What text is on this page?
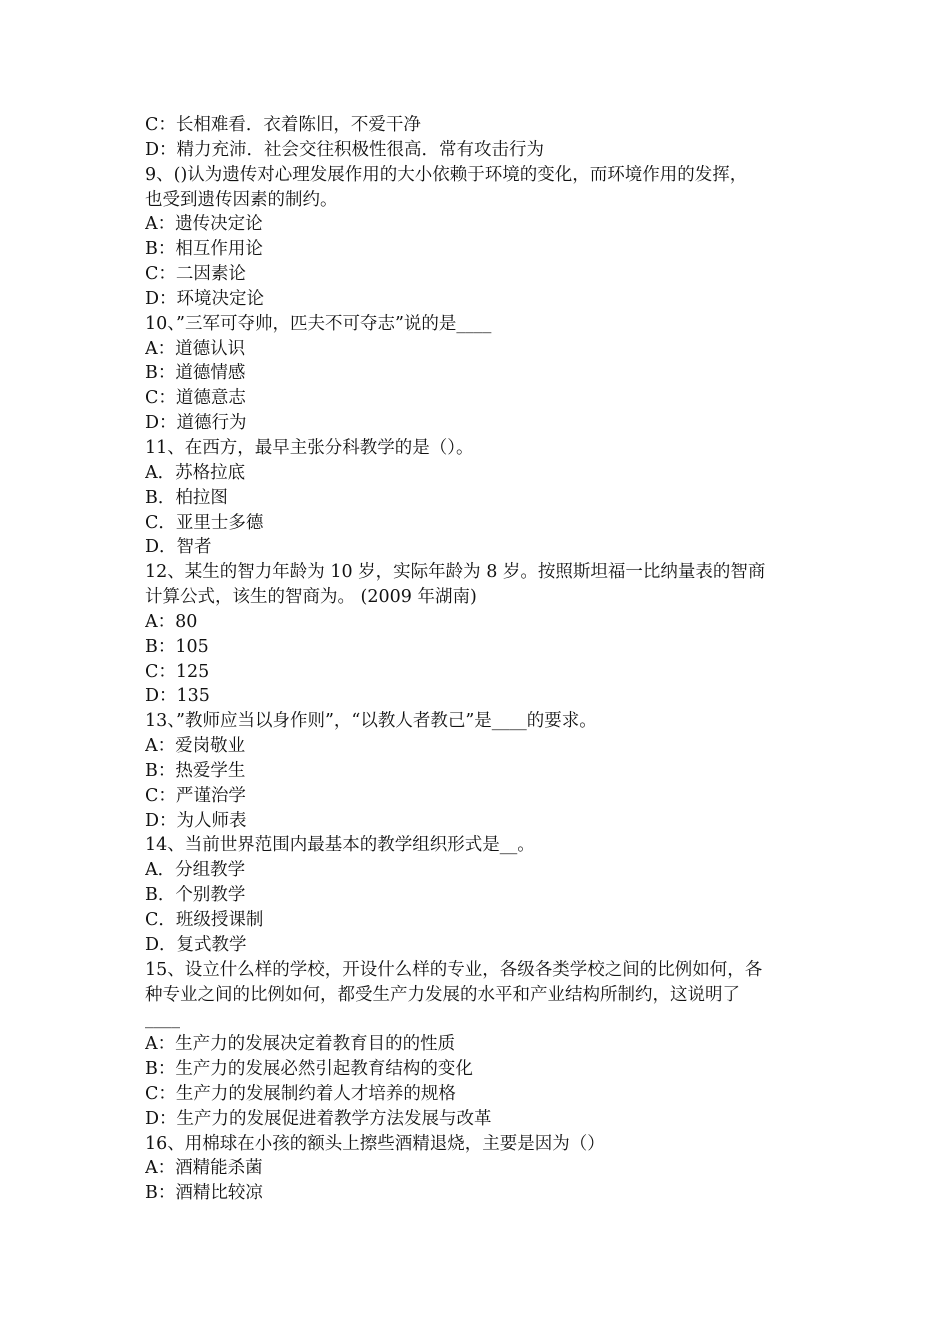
C：长相难看．衣着陈旧，不爱干净
D：精力充沛．社会交往积极性很高．常有攻击行为
9、()认为遗传对心理发展作用的大小依赖于环境的变化，而环境作用的发挥，
也受到遗传因素的制约。
A：遗传决定论
B：相互作用论
C：二因素论
D：环境决定论
10、”三军可夺帅，匹夫不可夺志”说的是____
A：道德认识
B：道德情感
C：道德意志
D：道德行为
11、在西方，最早主张分科教学的是（）。
A．苏格拉底
B．柏拉图
C．亚里士多德
D．智者
12、某生的智力年龄为 10 岁，实际年龄为 8 岁。按照斯坦福一比纳量表的智商
计算公式，该生的智商为。 (2009 年湖南)
A：80
B：105
C：125
D：135
13、”教师应当以身作则”，“以教人者教己”是____的要求。
A：爱岗敬业
B：热爱学生
C：严谨治学
D：为人师表
14、当前世界范围内最基本的教学组织形式是__。
A．分组教学
B．个别教学
C．班级授课制
D．复式教学
15、设立什么样的学校，开设什么样的专业，各级各类学校之间的比例如何，各
种专业之间的比例如何，都受生产力发展的水平和产业结构所制约，这说明了
____
A：生产力的发展决定着教育目的的性质
B：生产力的发展必然引起教育结构的变化
C：生产力的发展制约着人才培养的规格
D：生产力的发展促进着教学方法发展与改革
16、用棉球在小孩的额头上擦些酒精退烧，主要是因为（）
A：酒精能杀菌
B：酒精比较凉
